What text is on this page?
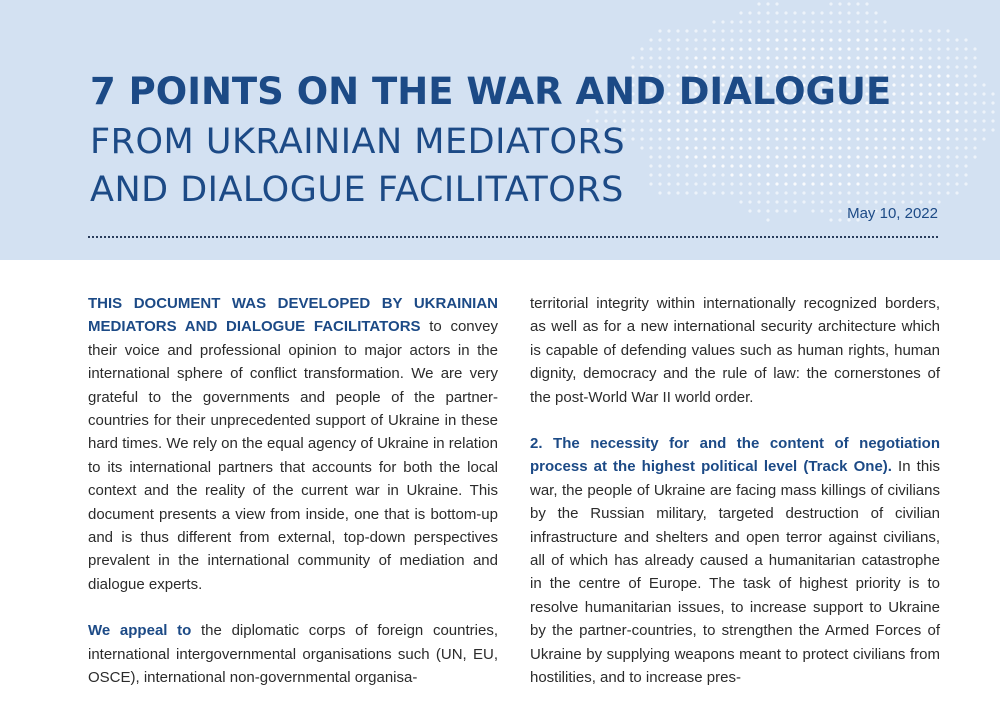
7 POINTS ON THE WAR AND DIALOGUE
FROM UKRAINIAN MEDIATORS
AND DIALOGUE FACILITATORS
May 10, 2022

THIS DOCUMENT WAS DEVELOPED BY UKRAINIAN MEDIATORS AND DIALOGUE FACILITATORS to convey their voice and professional opinion to major actors in the international sphere of conflict transformation. We are very grateful to the governments and people of the partner-countries for their unprecedented support of Ukraine in these hard times. We rely on the equal agency of Ukraine in relation to its international partners that accounts for both the local context and the reality of the current war in Ukraine. This document presents a view from inside, one that is bottom-up and is thus different from external, top-down perspectives prevalent in the international community of mediation and dialogue experts.

We appeal to the diplomatic corps of foreign countries, international intergovernmental organisations such (UN, EU, OSCE), international non-governmental organisa-

territorial integrity within internationally recognized borders, as well as for a new international security architecture which is capable of defending values such as human rights, human dignity, democracy and the rule of law: the cornerstones of the post-World War II world order.

2. The necessity for and the content of negotiation process at the highest political level (Track One). In this war, the people of Ukraine are facing mass killings of civilians by the Russian military, targeted destruction of civilian infrastructure and shelters and open terror against civilians, all of which has already caused a humanitarian catastrophe in the centre of Europe. The task of highest priority is to resolve humanitarian issues, to increase support to Ukraine by the partner-countries, to strengthen the Armed Forces of Ukraine by supplying weapons meant to protect civilians from hostilities, and to increase pres-
